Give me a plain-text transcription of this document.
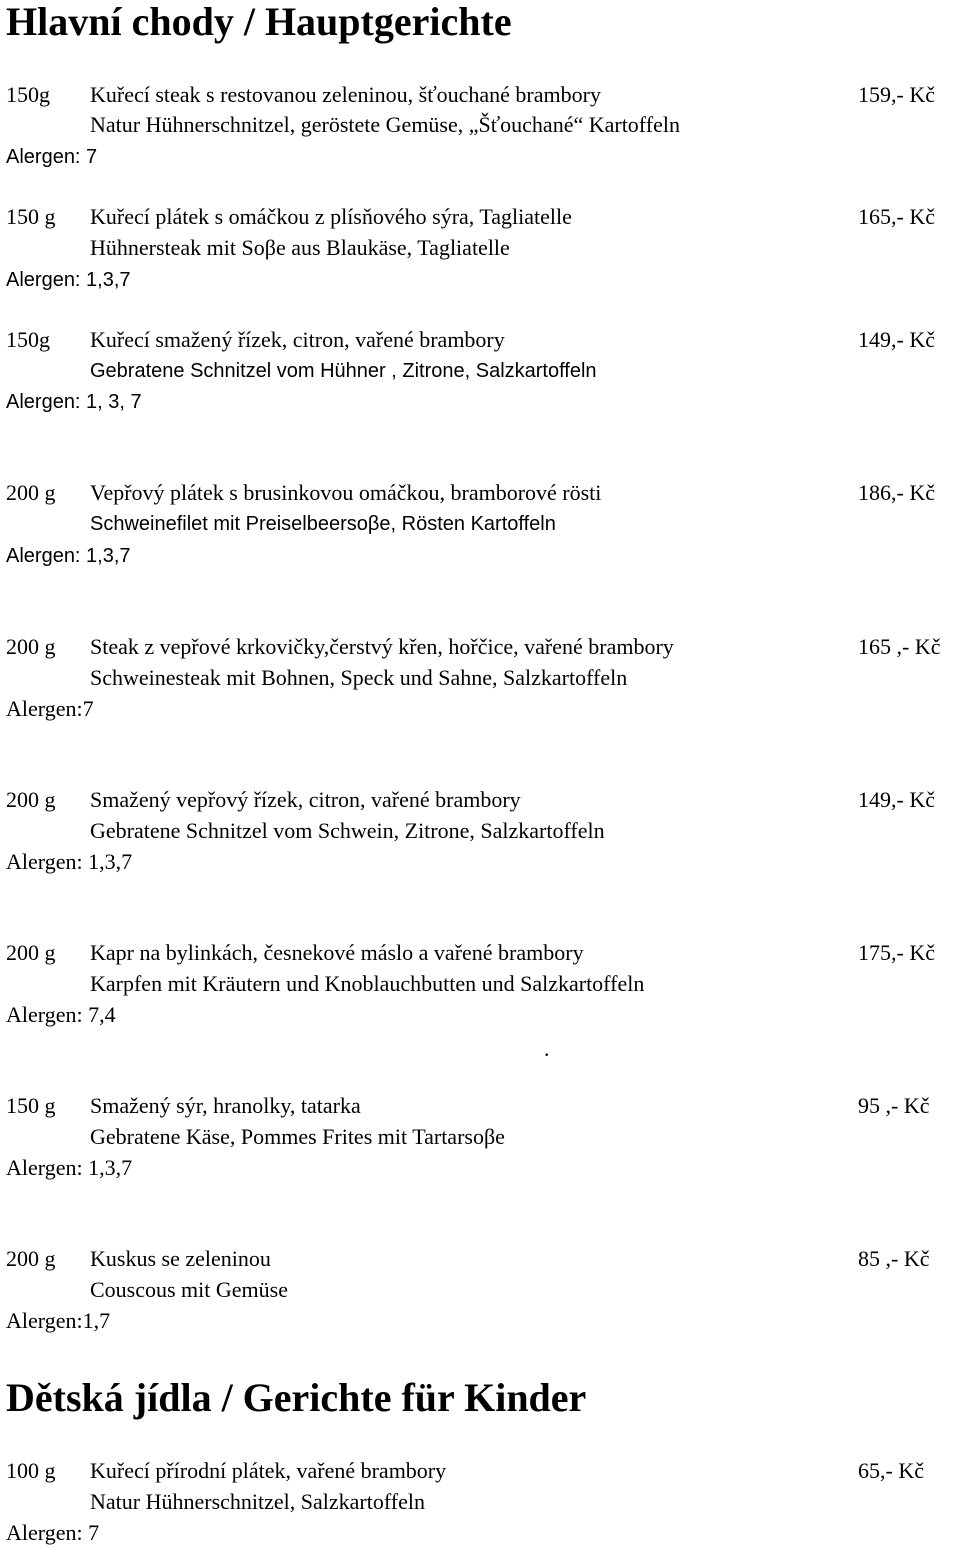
Hlavní chody / Hauptgerichte
150g Kuřecí steak s restovanou zeleninou, šťouchané brambory	159,- Kč
Natur Hühnerschnitzel, geröstete Gemüse, „Šťouchané“ Kartoffeln
Alergen: 7
150 g Kuřecí plátek s omáčkou z plísňového sýra, Tagliatelle	165,- Kč
Hühnersteak mit Soβe aus Blaukäse, Tagliatelle
Alergen: 1,3,7
150g Kuřecí smažený řízek, citron, vařené brambory	149,- Kč
Gebratene Schnitzel vom Hühner , Zitrone, Salzkartoffeln
Alergen: 1, 3, 7
200 g Vepřový plátek s brusinkovou omáčkou, bramborové rösti	186,- Kč
Schweinefilet mit Preiselbeersoβe, Rösten Kartoffeln
Alergen: 1,3,7
200 g Steak z vepřové krkovičky,čerstvý křen, hořčice, vařené brambory	165 ,- Kč
Schweinesteak mit Bohnen, Speck und Sahne, Salzkartoffeln
Alergen:7
200 g Smažený vepřový řízek, citron, vařené brambory	149,- Kč
Gebratene Schnitzel vom Schwein, Zitrone, Salzkartoffeln
Alergen: 1,3,7
200 g Kapr na bylinkách, česnekové máslo a vařené brambory	175,- Kč
Karpfen mit Kräutern und Knoblauchbutten und Salzkartoffeln
Alergen: 7,4
.
150 g Smažený sýr, hranolky, tatarka	95 ,- Kč
Gebratene Käse, Pommes Frites mit Tartarsoβe
Alergen: 1,3,7
200 g Kuskus se zeleninou	85 ,- Kč
Couscous mit Gemüse
Alergen:1,7
Dětská jídla / Gerichte für Kinder
100 g Kuřecí přírodní plátek, vařené brambory	65,- Kč
Natur Hühnerschnitzel, Salzkartoffeln
Alergen: 7
